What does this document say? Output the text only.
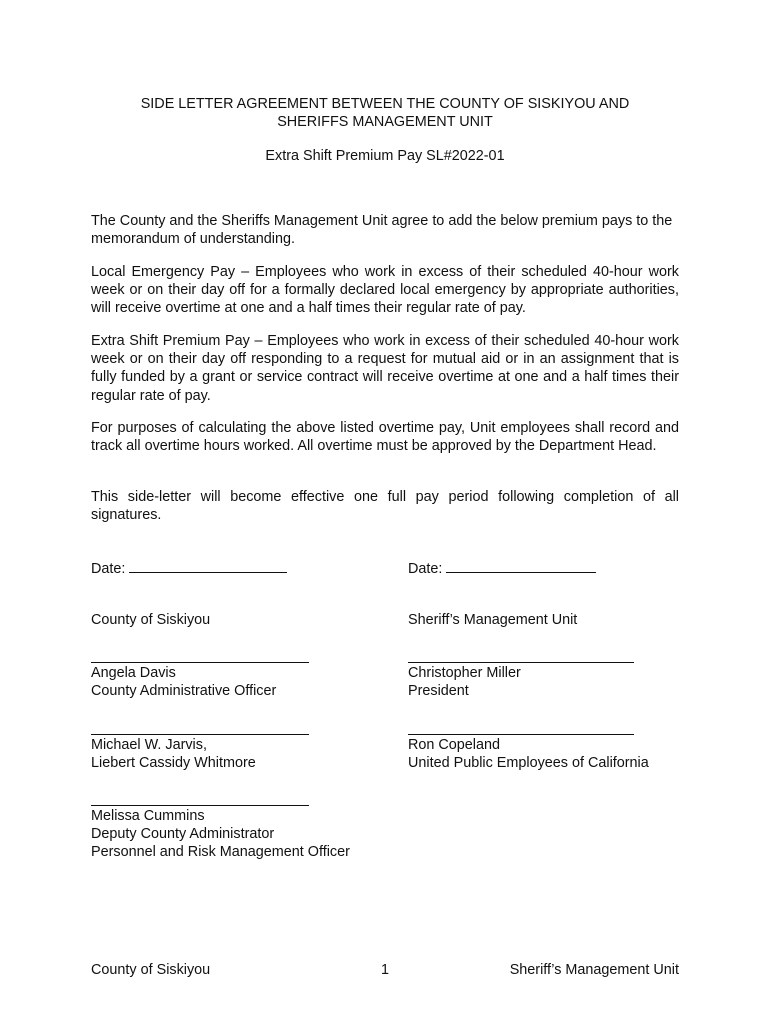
SIDE LETTER AGREEMENT BETWEEN THE COUNTY OF SISKIYOU AND
SHERIFFS MANAGEMENT UNIT
Extra Shift Premium Pay SL#2022-01

The County and the Sheriffs Management Unit agree to add the below premium pays to the memorandum of understanding.

Local Emergency Pay – Employees who work in excess of their scheduled 40-hour work week or on their day off for a formally declared local emergency by appropriate authorities, will receive overtime at one and a half times their regular rate of pay.

Extra Shift Premium Pay – Employees who work in excess of their scheduled 40-hour work week or on their day off responding to a request for mutual aid or in an assignment that is fully funded by a grant or service contract will receive overtime at one and a half times their regular rate of pay.

For purposes of calculating the above listed overtime pay, Unit employees shall record and track all overtime hours worked. All overtime must be approved by the Department Head.

This side-letter will become effective one full pay period following completion of all signatures.

Date:	Date:
County of Siskiyou	Sheriff’s Management Unit
Angela Davis
County Administrative Officer
Christopher Miller
President
Michael W. Jarvis,
Liebert Cassidy Whitmore
Ron Copeland
United Public Employees of California
Melissa Cummins
Deputy County Administrator
Personnel and Risk Management Officer
County of Siskiyou	1	Sheriff’s Management Unit
